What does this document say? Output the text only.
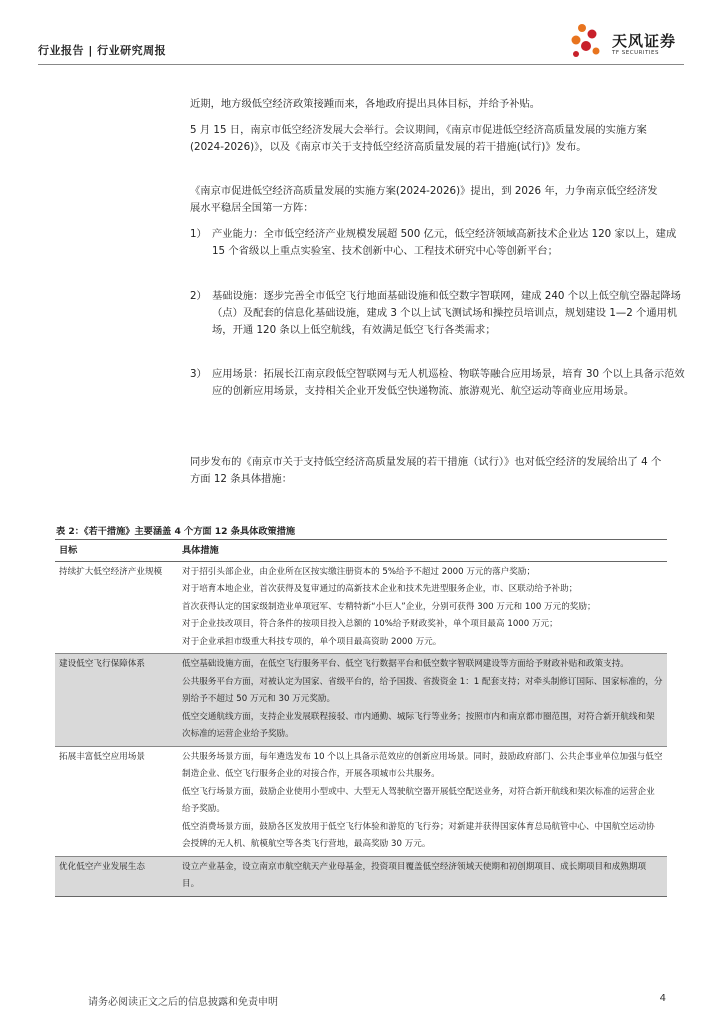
行业报告 | 行业研究周报
天风证券
TF SECURITIES
近期，地方级低空经济政策接踵而来，各地政府提出具体目标，并给予补贴。
5 月 15 日，南京市低空经济发展大会举行。会议期间，《南京市促进低空经济高质量发展的实施方案(2024-2026)》，以及《南京市关于支持低空经济高质量发展的若干措施(试行)》发布。
《南京市促进低空经济高质量发展的实施方案(2024-2026)》提出，到 2026 年，力争南京低空经济发展水平稳居全国第一方阵：
1） 产业能力：全市低空经济产业规模发展超 500 亿元，低空经济领域高新技术企业达 120 家以上，建成 15 个省级以上重点实验室、技术创新中心、工程技术研究中心等创新平台；
2） 基础设施：逐步完善全市低空飞行地面基础设施和低空数字智联网，建成 240 个以上低空航空器起降场（点）及配套的信息化基础设施，建成 3 个以上试飞测试场和操控员培训点，规划建设 1—2 个通用机场，开通 120 条以上低空航线，有效满足低空飞行各类需求；
3） 应用场景：拓展长江南京段低空智联网与无人机巡检、物联等融合应用场景，培育 30 个以上具备示范效应的创新应用场景，支持相关企业开发低空快递物流、旅游观光、航空运动等商业应用场景。
同步发布的《南京市关于支持低空经济高质量发展的若干措施（试行）》也对低空经济的发展给出了 4 个方面 12 条具体措施：
表 2：《若干措施》主要涵盖 4 个方面 12 条具体政策措施
目标	具体措施
持续扩大低空经济产业规模	对于招引头部企业，由企业所在区按实缴注册资本的 5%给予不超过 2000 万元的落户奖励；
对于培育本地企业，首次获得及复审通过的高新技术企业和技术先进型服务企业，市、区联动给予补助；
首次获得认定的国家级制造业单项冠军、专精特新“小巨人”企业，分别可获得 300 万元和 100 万元的奖励；
对于企业技改项目，符合条件的按项目投入总额的 10%给予财政奖补，单个项目最高 1000 万元；
对于企业承担市级重大科技专项的，单个项目最高资助 2000 万元。

建设低空飞行保障体系	低空基础设施方面，在低空飞行服务平台、低空飞行数据平台和低空数字智联网建设等方面给予财政补贴和政策支持。
公共服务平台方面，对被认定为国家、省级平台的，给予国拨、省拨资金 1：1 配套支持；对牵头制修订国际、国家标准的，分别给予不超过 50 万元和 30 万元奖励。
低空交通航线方面，支持企业发展联程接驳、市内通勤、城际飞行等业务；按照市内和南京都市圈范围，对符合新开航线和架次标准的运营企业给予奖励。

拓展丰富低空应用场景	公共服务场景方面，每年遴选发布 10 个以上具备示范效应的创新应用场景。同时，鼓励政府部门、公共企事业单位加强与低空制造企业、低空飞行服务企业的对接合作，开展各项城市公共服务。
低空飞行场景方面，鼓励企业使用小型或中、大型无人驾驶航空器开展低空配送业务，对符合新开航线和架次标准的运营企业给予奖励。
低空消费场景方面，鼓励各区发放用于低空飞行体验和游览的飞行券；对新建并获得国家体育总局航管中心、中国航空运动协会授牌的无人机、航模航空等各类飞行营地，最高奖励 30 万元。

优化低空产业发展生态	设立产业基金，设立南京市航空航天产业母基金，投资项目覆盖低空经济领域天使期和初创期项目、成长期项目和成熟期项目。
请务必阅读正文之后的信息披露和免责申明	4
